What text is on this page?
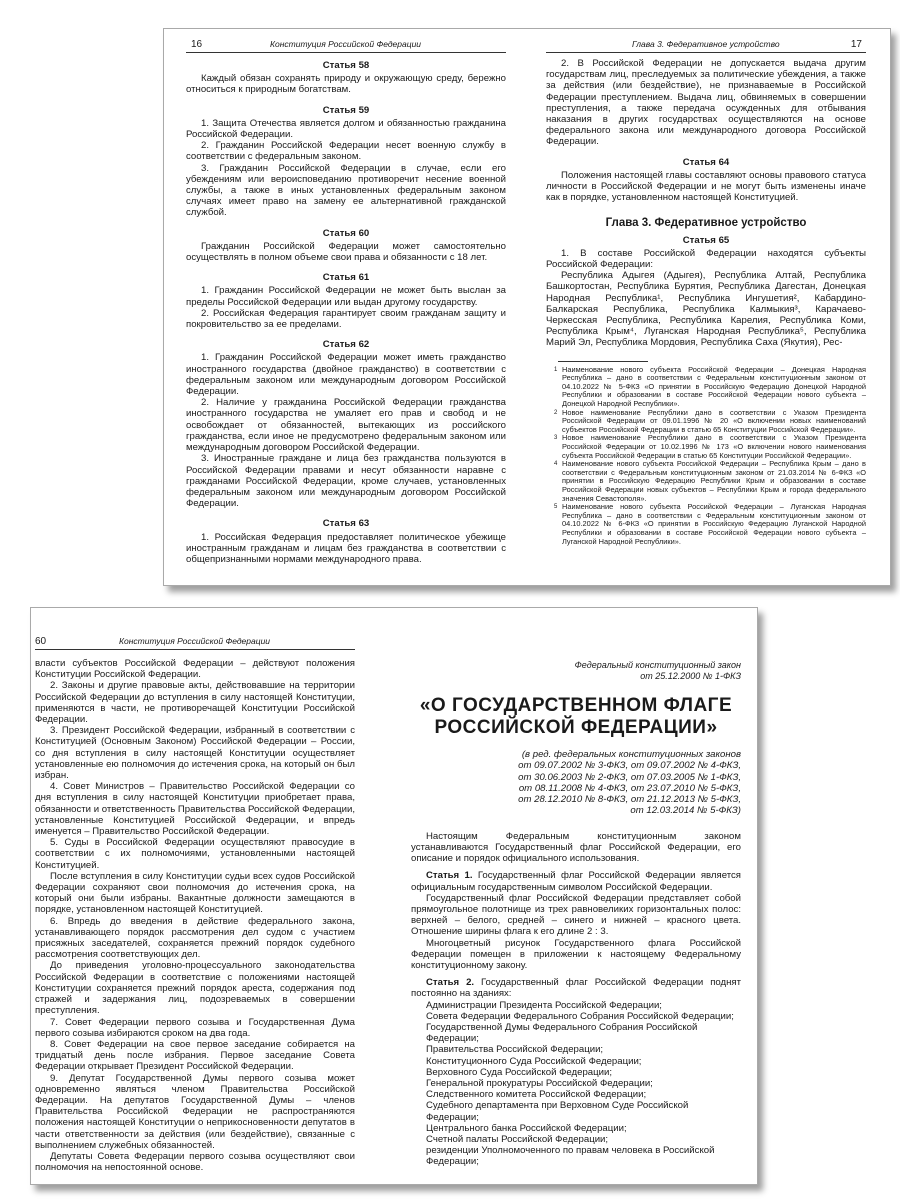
16	Конституция Российской Федерации
Статья 58

Каждый обязан сохранять природу и окружающую среду, бережно относиться к природным богатствам.

Статья 59

1. Защита Отечества является долгом и обязанностью гражданина Российской Федерации.

2. Гражданин Российской Федерации несет военную службу в соответствии с федеральным законом.

3. Гражданин Российской Федерации в случае, если его убеждениям или вероисповеданию противоречит несение военной службы, а также в иных установленных федеральным законом случаях имеет право на замену ее альтернативной гражданской службой.

Статья 60

Гражданин Российской Федерации может самостоятельно осуществлять в полном объеме свои права и обязанности с 18 лет.

Статья 61

1. Гражданин Российской Федерации не может быть выслан за пределы Российской Федерации или выдан другому государству.

2. Российская Федерация гарантирует своим гражданам защиту и покровительство за ее пределами.

Статья 62

1. Гражданин Российской Федерации может иметь гражданство иностранного государства (двойное гражданство) в соответствии с федеральным законом или международным договором Российской Федерации.

2. Наличие у гражданина Российской Федерации гражданства иностранного государства не умаляет его прав и свобод и не освобождает от обязанностей, вытекающих из российского гражданства, если иное не предусмотрено федеральным законом или международным договором Российской Федерации.

3. Иностранные граждане и лица без гражданства пользуются в Российской Федерации правами и несут обязанности наравне с гражданами Российской Федерации, кроме случаев, установленных федеральным законом или международным договором Российской Федерации.

Статья 63

1. Российская Федерация предоставляет политическое убежище иностранным гражданам и лицам без гражданства в соответствии с общепризнанными нормами международного права.

Глава 3. Федеративное устройство	17

2. В Российской Федерации не допускается выдача другим государствам лиц, преследуемых за политические убеждения, а также за действия (или бездействие), не признаваемые в Российской Федерации преступлением. Выдача лиц, обвиняемых в совершении преступления, а также передача осужденных для отбывания наказания в других государствах осуществляются на основе федерального закона или международного договора Российской Федерации.

Статья 64

Положения настоящей главы составляют основы правового статуса личности в Российской Федерации и не могут быть изменены иначе как в порядке, установленном настоящей Конституцией.

Глава 3. Федеративное устройство
Статья 65

1. В составе Российской Федерации находятся субъекты Российской Федерации:

Республика Адыгея (Адыгея), Республика Алтай, Республика Башкортостан, Республика Бурятия, Республика Дагестан, Донецкая Народная Республика¹, Республика Ингушетия², Кабардино-Балкарская Республика, Республика Калмыкия³, Карачаево-Черкесская Республика, Республика Карелия, Республика Коми, Республика Крым⁴, Луганская Народная Республика⁵, Республика Марий Эл, Республика Мордовия, Республика Саха (Якутия), Рес-

1 Наименование нового субъекта Российской Федерации – Донецкая Народная Республика – дано в соответствии с Федеральным конституционным законом от 04.10.2022 № 5-ФКЗ «О принятии в Российскую Федерацию Донецкой Народной Республики и образовании в составе Российской Федерации нового субъекта – Донецкой Народной Республики».
2 Новое наименование Республики дано в соответствии с Указом Президента Российской Федерации от 09.01.1996 № 20 «О включении новых наименований субъектов Российской Федерации в статью 65 Конституции Российской Федерации».
3 Новое наименование Республики дано в соответствии с Указом Президента Российской Федерации от 10.02.1996 № 173 «О включении нового наименования субъекта Российской Федерации в статью 65 Конституции Российской Федерации».
4 Наименование нового субъекта Российской Федерации – Республика Крым – дано в соответствии с Федеральным конституционным законом от 21.03.2014 № 6-ФКЗ «О принятии в Российскую Федерацию Республики Крым и образовании в составе Российской Федерации новых субъектов – Республики Крым и города федерального значения Севастополя».
5 Наименование нового субъекта Российской Федерации – Луганская Народная Республика – дано в соответствии с Федеральным конституционным законом от 04.10.2022 № 6-ФКЗ «О принятии в Российскую Федерацию Луганской Народной Республики и образовании в составе Российской Федерации нового субъекта – Луганской Народной Республики».
60	Конституция Российской Федерации

власти субъектов Российской Федерации – действуют положения Конституции Российской Федерации.

2. Законы и другие правовые акты, действовавшие на территории Российской Федерации до вступления в силу настоящей Конституции, применяются в части, не противоречащей Конституции Российской Федерации.

3. Президент Российской Федерации, избранный в соответствии с Конституцией (Основным Законом) Российской Федерации – России, со дня вступления в силу настоящей Конституции осуществляет установленные ею полномочия до истечения срока, на который он был избран.

4. Совет Министров – Правительство Российской Федерации со дня вступления в силу настоящей Конституции приобретает права, обязанности и ответственность Правительства Российской Федерации, установленные Конституцией Российской Федерации, и впредь именуется – Правительство Российской Федерации.

5. Суды в Российской Федерации осуществляют правосудие в соответствии с их полномочиями, установленными настоящей Конституцией.

После вступления в силу Конституции судьи всех судов Российской Федерации сохраняют свои полномочия до истечения срока, на который они были избраны. Вакантные должности замещаются в порядке, установленном настоящей Конституцией.

6. Впредь до введения в действие федерального закона, устанавливающего порядок рассмотрения дел судом с участием присяжных заседателей, сохраняется прежний порядок судебного рассмотрения соответствующих дел.

До приведения уголовно-процессуального законодательства Российской Федерации в соответствие с положениями настоящей Конституции сохраняется прежний порядок ареста, содержания под стражей и задержания лиц, подозреваемых в совершении преступления.

7. Совет Федерации первого созыва и Государственная Дума первого созыва избираются сроком на два года.

8. Совет Федерации на свое первое заседание собирается на тридцатый день после избрания. Первое заседание Совета Федерации открывает Президент Российской Федерации.

9. Депутат Государственной Думы первого созыва может одновременно являться членом Правительства Российской Федерации. На депутатов Государственной Думы – членов Правительства Российской Федерации не распространяются положения настоящей Конституции о неприкосновенности депутатов в части ответственности за действия (или бездействие), связанные с выполнением служебных обязанностей.

Депутаты Совета Федерации первого созыва осуществляют свои полномочия на непостоянной основе.

Федеральный конституционный закон
от 25.12.2000 № 1-ФКЗ
«О ГОСУДАРСТВЕННОМ ФЛАГЕ
РОССИЙСКОЙ ФЕДЕРАЦИИ»
(в ред. федеральных конституционных законов
от 09.07.2002 № 3-ФКЗ, от 09.07.2002 № 4-ФКЗ,
от 30.06.2003 № 2-ФКЗ, от 07.03.2005 № 1-ФКЗ,
от 08.11.2008 № 4-ФКЗ, от 23.07.2010 № 5-ФКЗ,
от 28.12.2010 № 8-ФКЗ, от 21.12.2013 № 5-ФКЗ,
от 12.03.2014 № 5-ФКЗ)

Настоящим Федеральным конституционным законом устанавливаются Государственный флаг Российской Федерации, его описание и порядок официального использования.

Статья 1. Государственный флаг Российской Федерации является официальным государственным символом Российской Федерации.

Государственный флаг Российской Федерации представляет собой прямоугольное полотнище из трех равновеликих горизонтальных полос: верхней – белого, средней – синего и нижней – красного цвета. Отношение ширины флага к его длине 2 : 3.

Многоцветный рисунок Государственного флага Российской Федерации помещен в приложении к настоящему Федеральному конституционному закону.

Статья 2. Государственный флаг Российской Федерации поднят постоянно на зданиях:

Администрации Президента Российской Федерации;

Совета Федерации Федерального Собрания Российской Федерации;

Государственной Думы Федерального Собрания Российской Федерации;

Правительства Российской Федерации;

Конституционного Суда Российской Федерации;

Верховного Суда Российской Федерации;

Генеральной прокуратуры Российской Федерации;

Следственного комитета Российской Федерации;

Судебного департамента при Верховном Суде Российской Федерации;

Центрального банка Российской Федерации;

Счетной палаты Российской Федерации;

резиденции Уполномоченного по правам человека в Российской Федерации;
